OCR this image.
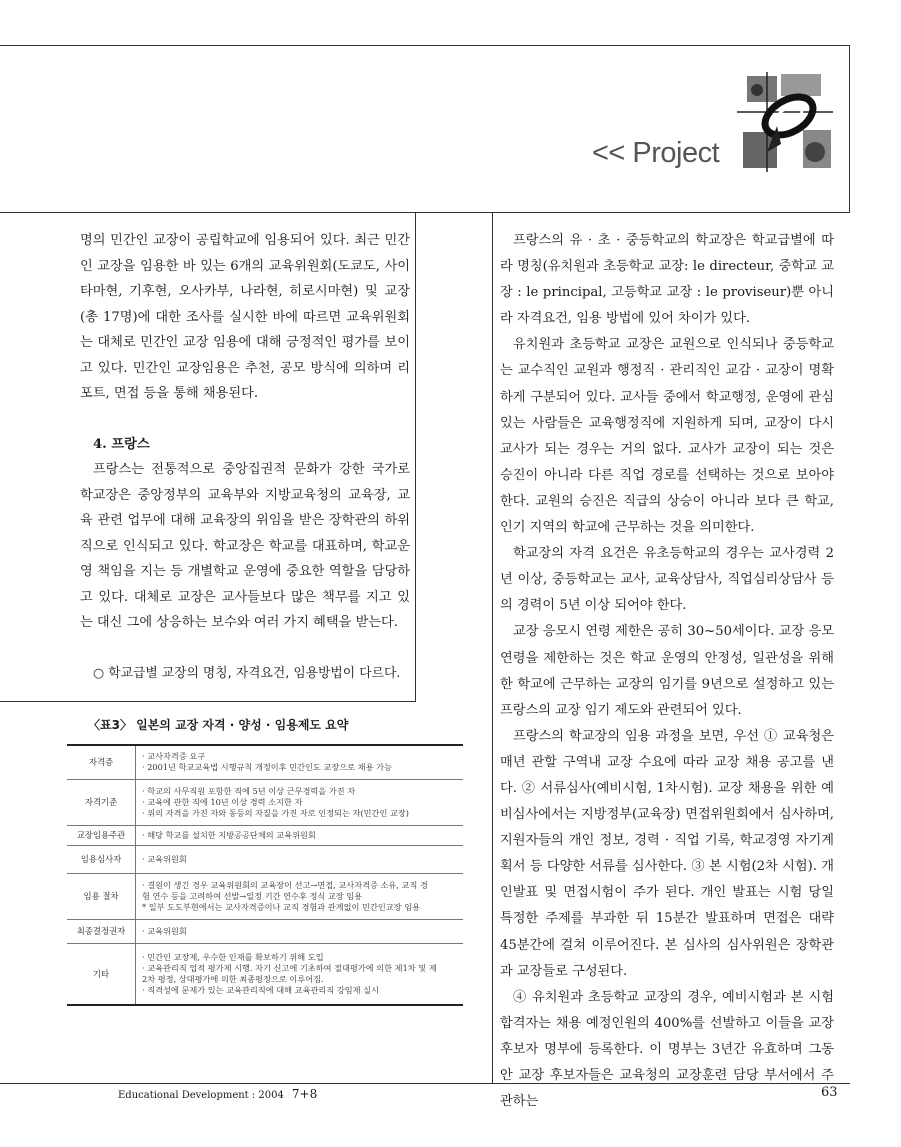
<< Project

명의 민간인 교장이 공립학교에 임용되어 있다. 최근 민간인 교장을 임용한 바 있는 6개의 교육위원회(도쿄도, 사이타마현, 기후현, 오사카부, 나라현, 히로시마현) 및 교장(총 17명)에 대한 조사를 실시한 바에 따르면 교육위원회는 대체로 민간인 교장 임용에 대해 긍정적인 평가를 보이고 있다. 민간인 교장임용은 추천, 공모 방식에 의하며 리포트, 면접 등을 통해 채용된다.

4. 프랑스

프랑스는 전통적으로 중앙집권적 문화가 강한 국가로 학교장은 중앙정부의 교육부와 지방교육청의 교육장, 교육 관련 업무에 대해 교육장의 위임을 받은 장학관의 하위직으로 인식되고 있다. 학교장은 학교를 대표하며, 학교운영 책임을 지는 등 개별학교 운영에 중요한 역할을 담당하고 있다. 대체로 교장은 교사들보다 많은 책무를 지고 있는 대신 그에 상응하는 보수와 여러 가지 혜택을 받는다.

○ 학교급별 교장의 명칭, 자격요건, 임용방법이 다르다.

〈표3〉 일본의 교장 자격 · 양성 · 임용제도 요약
자격증	· 교사자격증 요구
· 2001년 학교교육법 시행규칙 개정이후 민간인도 교장으로 채용 가능

자격기준	· 학교의 사무직원 포함한 직에 5년 이상 근무경력을 가진 자
· 교육에 관한 직에 10년 이상 경력 소지한 자
· 위의 자격을 가진 자와 동등의 자질을 가진 자로 인정되는 자(민간인 교장)

교장임용주관	· 해당 학교를 설치한 지방공공단체의 교육위원회

임용심사자	· 교육위원회

임용 절차	· 결원이 생긴 경우 교육위원회의 교육장이 선고→면접, 교사자격증 소유, 교직 경
험 연수 등을 고려하여 선발→일정 기간 연수후 정식 교장 임용
* 일부 도도부현에서는 교사자격증이나 교직 경험과 관계없이 민간인교장 임용

최종결정권자	· 교육위원회

기타	· 민간인 교장제, 우수한 인재를 확보하기 위해 도입
· 교육관리직 업적 평가제 시행. 자기 신고에 기초하여 절대평가에 의한 제1차 및 제
2차 평정, 상대평가에 의한 최종평정으로 이루어짐.
· 직격성에 문제가 있는 교육관리직에 대해 교육관리직 강임제 실시

프랑스의 유 · 초 · 중등학교의 학교장은 학교급별에 따라 명칭(유치원과 초등학교 교장: le directeur, 중학교 교장 : le principal, 고등학교 교장 : le proviseur)뿐 아니라 자격요건, 임용 방법에 있어 차이가 있다.

유치원과 초등학교 교장은 교원으로 인식되나 중등학교는 교수직인 교원과 행정직 · 관리직인 교감 · 교장이 명확하게 구분되어 있다. 교사들 중에서 학교행정, 운영에 관심 있는 사람들은 교육행정직에 지원하게 되며, 교장이 다시 교사가 되는 경우는 거의 없다. 교사가 교장이 되는 것은 승진이 아니라 다른 직업 경로를 선택하는 것으로 보아야 한다. 교원의 승진은 직급의 상승이 아니라 보다 큰 학교, 인기 지역의 학교에 근무하는 것을 의미한다.

학교장의 자격 요건은 유초등학교의 경우는 교사경력 2년 이상, 중등학교는 교사, 교육상담사, 직업심리상담사 등의 경력이 5년 이상 되어야 한다.

교장 응모시 연령 제한은 공히 30~50세이다. 교장 응모 연령을 제한하는 것은 학교 운영의 안정성, 일관성을 위해 한 학교에 근무하는 교장의 임기를 9년으로 설정하고 있는 프랑스의 교장 임기 제도와 관련되어 있다.

프랑스의 학교장의 임용 과정을 보면, 우선 ① 교육청은 매년 관할 구역내 교장 수요에 따라 교장 채용 공고를 낸다. ② 서류심사(예비시험, 1차시험). 교장 채용을 위한 예비심사에서는 지방정부(교육장) 면접위원회에서 심사하며, 지원자들의 개인 정보, 경력 · 직업 기록, 학교경영 자기계획서 등 다양한 서류를 심사한다. ③ 본 시험(2차 시험). 개인발표 및 면접시험이 주가 된다. 개인 발표는 시험 당일 특정한 주제를 부과한 뒤 15분간 발표하며 면접은 대략 45분간에 걸쳐 이루어진다. 본 심사의 심사위원은 장학관과 교장들로 구성된다.

④ 유치원과 초등학교 교장의 경우, 예비시험과 본 시험 합격자는 채용 예정인원의 400%를 선발하고 이들을 교장후보자 명부에 등록한다. 이 명부는 3년간 유효하며 그동안 교장 후보자들은 교육청의 교장훈련 담당 부서에서 주관하는

Educational Development : 2004 7+8	63
